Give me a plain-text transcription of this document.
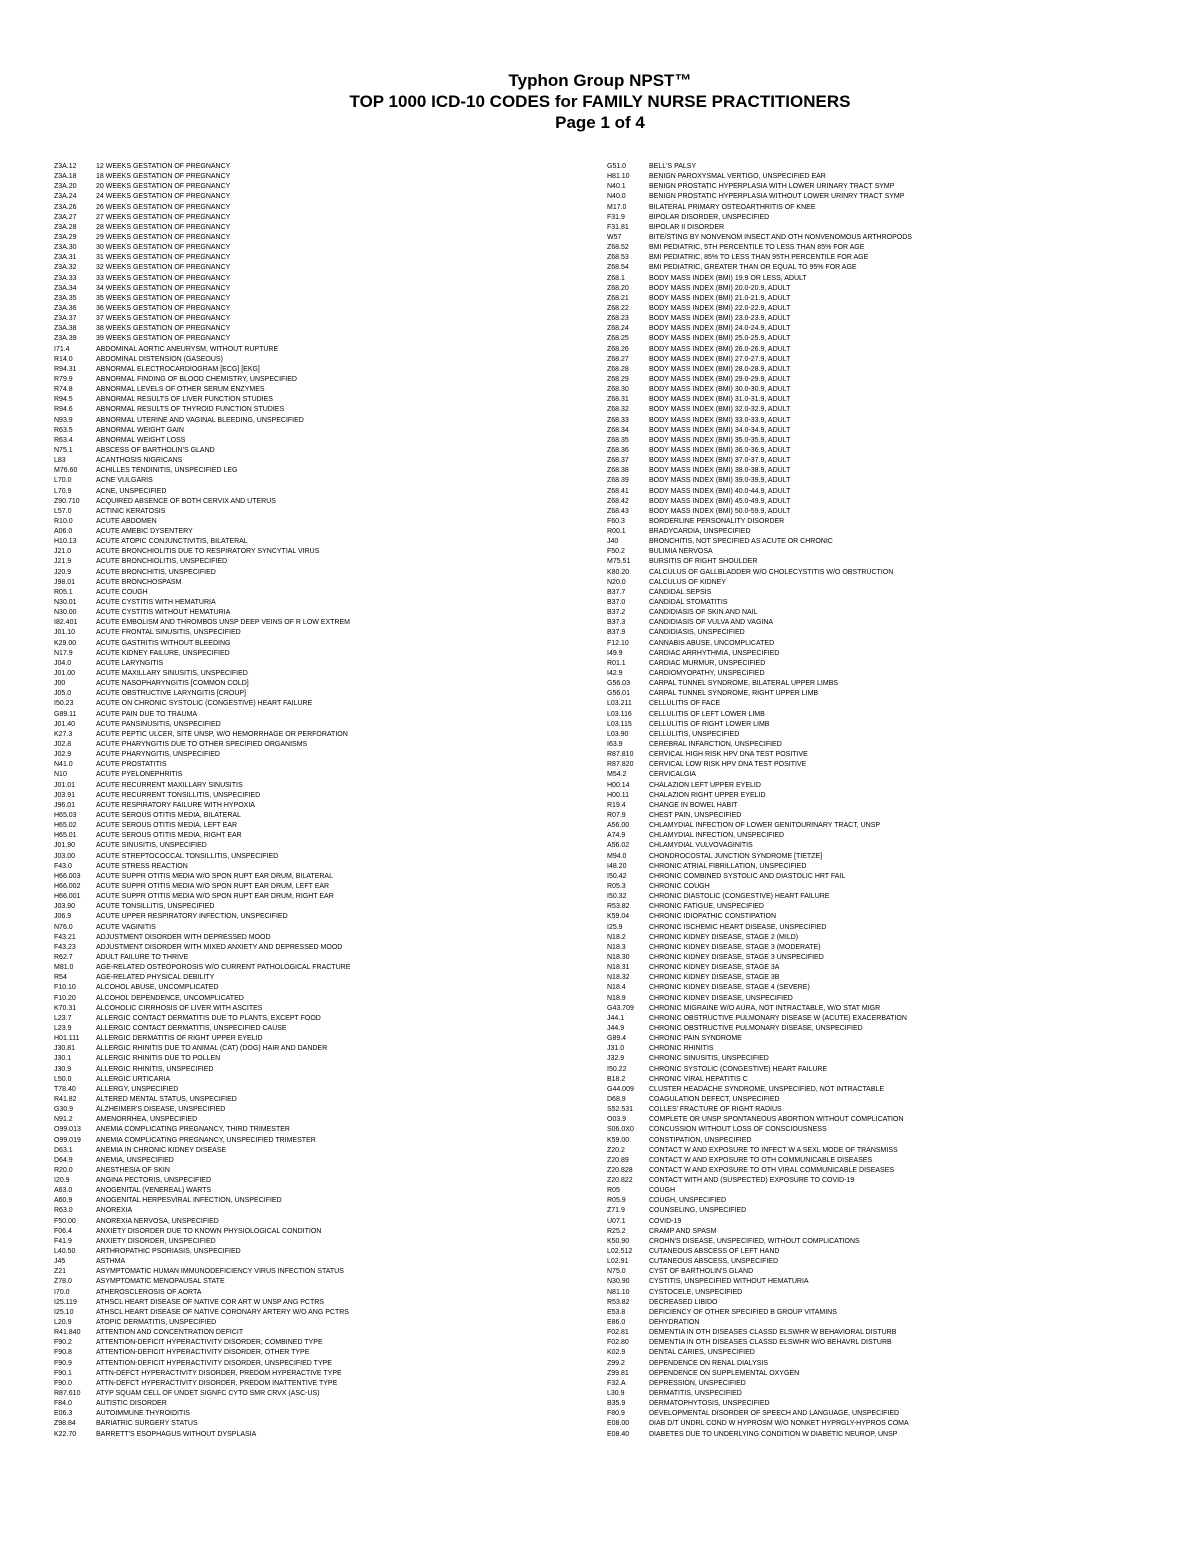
Typhon Group NPST™
TOP 1000 ICD-10 CODES for FAMILY NURSE PRACTITIONERS
Page 1 of 4
Z3A.12	12 WEEKS GESTATION OF PREGNANCY
Z3A.18	18 WEEKS GESTATION OF PREGNANCY
Z3A.20	20 WEEKS GESTATION OF PREGNANCY
Z3A.24	24 WEEKS GESTATION OF PREGNANCY
Z3A.26	26 WEEKS GESTATION OF PREGNANCY
Z3A.27	27 WEEKS GESTATION OF PREGNANCY
Z3A.28	28 WEEKS GESTATION OF PREGNANCY
Z3A.29	29 WEEKS GESTATION OF PREGNANCY
Z3A.30	30 WEEKS GESTATION OF PREGNANCY
Z3A.31	31 WEEKS GESTATION OF PREGNANCY
Z3A.32	32 WEEKS GESTATION OF PREGNANCY
Z3A.33	33 WEEKS GESTATION OF PREGNANCY
Z3A.34	34 WEEKS GESTATION OF PREGNANCY
Z3A.35	35 WEEKS GESTATION OF PREGNANCY
Z3A.36	36 WEEKS GESTATION OF PREGNANCY
Z3A.37	37 WEEKS GESTATION OF PREGNANCY
Z3A.38	38 WEEKS GESTATION OF PREGNANCY
Z3A.39	39 WEEKS GESTATION OF PREGNANCY
I71.4	ABDOMINAL AORTIC ANEURYSM, WITHOUT RUPTURE
R14.0	ABDOMINAL DISTENSION (GASEOUS)
R94.31	ABNORMAL ELECTROCARDIOGRAM [ECG] [EKG]
R79.9	ABNORMAL FINDING OF BLOOD CHEMISTRY, UNSPECIFIED
R74.8	ABNORMAL LEVELS OF OTHER SERUM ENZYMES
R94.5	ABNORMAL RESULTS OF LIVER FUNCTION STUDIES
R94.6	ABNORMAL RESULTS OF THYROID FUNCTION STUDIES
N93.9	ABNORMAL UTERINE AND VAGINAL BLEEDING, UNSPECIFIED
R63.5	ABNORMAL WEIGHT GAIN
R63.4	ABNORMAL WEIGHT LOSS
N75.1	ABSCESS OF BARTHOLIN'S GLAND
L83	ACANTHOSIS NIGRICANS
M76.60	ACHILLES TENDINITIS, UNSPECIFIED LEG
L70.0	ACNE VULGARIS
L70.9	ACNE, UNSPECIFIED
Z90.710	ACQUIRED ABSENCE OF BOTH CERVIX AND UTERUS
L57.0	ACTINIC KERATOSIS
R10.0	ACUTE ABDOMEN
A06.0	ACUTE AMEBIC DYSENTERY
H10.13	ACUTE ATOPIC CONJUNCTIVITIS, BILATERAL
J21.0	ACUTE BRONCHIOLITIS DUE TO RESPIRATORY SYNCYTIAL VIRUS
J21.9	ACUTE BRONCHIOLITIS, UNSPECIFIED
J20.9	ACUTE BRONCHITIS, UNSPECIFIED
J98.01	ACUTE BRONCHOSPASM
R05.1	ACUTE COUGH
N30.01	ACUTE CYSTITIS WITH HEMATURIA
N30.00	ACUTE CYSTITIS WITHOUT HEMATURIA
I82.401	ACUTE EMBOLISM AND THROMBOS UNSP DEEP VEINS OF R LOW EXTREM
J01.10	ACUTE FRONTAL SINUSITIS, UNSPECIFIED
K29.00	ACUTE GASTRITIS WITHOUT BLEEDING
N17.9	ACUTE KIDNEY FAILURE, UNSPECIFIED
J04.0	ACUTE LARYNGITIS
J01.00	ACUTE MAXILLARY SINUSITIS, UNSPECIFIED
J00	ACUTE NASOPHARYNGITIS [COMMON COLD]
J05.0	ACUTE OBSTRUCTIVE LARYNGITIS [CROUP]
I50.23	ACUTE ON CHRONIC SYSTOLIC (CONGESTIVE) HEART FAILURE
G89.11	ACUTE PAIN DUE TO TRAUMA
J01.40	ACUTE PANSINUSITIS, UNSPECIFIED
K27.3	ACUTE PEPTIC ULCER, SITE UNSP, W/O HEMORRHAGE OR PERFORATION
J02.8	ACUTE PHARYNGITIS DUE TO OTHER SPECIFIED ORGANISMS
J02.9	ACUTE PHARYNGITIS, UNSPECIFIED
N41.0	ACUTE PROSTATITIS
N10	ACUTE PYELONEPHRITIS
J01.01	ACUTE RECURRENT MAXILLARY SINUSITIS
J03.91	ACUTE RECURRENT TONSILLITIS, UNSPECIFIED
J96.01	ACUTE RESPIRATORY FAILURE WITH HYPOXIA
H65.03	ACUTE SEROUS OTITIS MEDIA, BILATERAL
H65.02	ACUTE SEROUS OTITIS MEDIA, LEFT EAR
H65.01	ACUTE SEROUS OTITIS MEDIA, RIGHT EAR
J01.90	ACUTE SINUSITIS, UNSPECIFIED
J03.00	ACUTE STREPTOCOCCAL TONSILLITIS, UNSPECIFIED
F43.0	ACUTE STRESS REACTION
H66.003	ACUTE SUPPR OTITIS MEDIA W/O SPON RUPT EAR DRUM, BILATERAL
H66.002	ACUTE SUPPR OTITIS MEDIA W/O SPON RUPT EAR DRUM, LEFT EAR
H66.001	ACUTE SUPPR OTITIS MEDIA W/O SPON RUPT EAR DRUM, RIGHT EAR
J03.90	ACUTE TONSILLITIS, UNSPECIFIED
J06.9	ACUTE UPPER RESPIRATORY INFECTION, UNSPECIFIED
N76.0	ACUTE VAGINITIS
F43.21	ADJUSTMENT DISORDER WITH DEPRESSED MOOD
F43.23	ADJUSTMENT DISORDER WITH MIXED ANXIETY AND DEPRESSED MOOD
R62.7	ADULT FAILURE TO THRIVE
M81.0	AGE-RELATED OSTEOPOROSIS W/O CURRENT PATHOLOGICAL FRACTURE
R54	AGE-RELATED PHYSICAL DEBILITY
F10.10	ALCOHOL ABUSE, UNCOMPLICATED
F10.20	ALCOHOL DEPENDENCE, UNCOMPLICATED
K70.31	ALCOHOLIC CIRRHOSIS OF LIVER WITH ASCITES
L23.7	ALLERGIC CONTACT DERMATITIS DUE TO PLANTS, EXCEPT FOOD
L23.9	ALLERGIC CONTACT DERMATITIS, UNSPECIFIED CAUSE
H01.111	ALLERGIC DERMATITIS OF RIGHT UPPER EYELID
J30.81	ALLERGIC RHINITIS DUE TO ANIMAL (CAT) (DOG) HAIR AND DANDER
J30.1	ALLERGIC RHINITIS DUE TO POLLEN
J30.9	ALLERGIC RHINITIS, UNSPECIFIED
L50.0	ALLERGIC URTICARIA
T78.40	ALLERGY, UNSPECIFIED
R41.82	ALTERED MENTAL STATUS, UNSPECIFIED
G30.9	ALZHEIMER'S DISEASE, UNSPECIFIED
N91.2	AMENORRHEA, UNSPECIFIED
O99.013	ANEMIA COMPLICATING PREGNANCY, THIRD TRIMESTER
O99.019	ANEMIA COMPLICATING PREGNANCY, UNSPECIFIED TRIMESTER
D63.1	ANEMIA IN CHRONIC KIDNEY DISEASE
D64.9	ANEMIA, UNSPECIFIED
R20.0	ANESTHESIA OF SKIN
I20.9	ANGINA PECTORIS, UNSPECIFIED
A63.0	ANOGENITAL (VENEREAL) WARTS
A60.9	ANOGENITAL HERPESVIRAL INFECTION, UNSPECIFIED
R63.0	ANOREXIA
F50.00	ANOREXIA NERVOSA, UNSPECIFIED
F06.4	ANXIETY DISORDER DUE TO KNOWN PHYSIOLOGICAL CONDITION
F41.9	ANXIETY DISORDER, UNSPECIFIED
L40.50	ARTHROPATHIC PSORIASIS, UNSPECIFIED
J45	ASTHMA
Z21	ASYMPTOMATIC HUMAN IMMUNODEFICIENCY VIRUS INFECTION STATUS
Z78.0	ASYMPTOMATIC MENOPAUSAL STATE
I70.0	ATHEROSCLEROSIS OF AORTA
I25.119	ATHSCL HEART DISEASE OF NATIVE COR ART W UNSP ANG PCTRS
I25.10	ATHSCL HEART DISEASE OF NATIVE CORONARY ARTERY W/O ANG PCTRS
L20.9	ATOPIC DERMATITIS, UNSPECIFIED
R41.840	ATTENTION AND CONCENTRATION DEFICIT
F90.2	ATTENTION-DEFICIT HYPERACTIVITY DISORDER, COMBINED TYPE
F90.8	ATTENTION-DEFICIT HYPERACTIVITY DISORDER, OTHER TYPE
F90.9	ATTENTION-DEFICIT HYPERACTIVITY DISORDER, UNSPECIFIED TYPE
F90.1	ATTN-DEFCT HYPERACTIVITY DISORDER, PREDOM HYPERACTIVE TYPE
F90.0	ATTN-DEFCT HYPERACTIVITY DISORDER, PREDOM INATTENTIVE TYPE
R87.610	ATYP SQUAM CELL OF UNDET SIGNFC CYTO SMR CRVX (ASC-US)
F84.0	AUTISTIC DISORDER
E06.3	AUTOIMMUNE THYROIDITIS
Z98.84	BARIATRIC SURGERY STATUS
K22.70	BARRETT'S ESOPHAGUS WITHOUT DYSPLASIA
G51.0	BELL'S PALSY
H81.10	BENIGN PAROXYSMAL VERTIGO, UNSPECIFIED EAR
N40.1	BENIGN PROSTATIC HYPERPLASIA WITH LOWER URINARY TRACT SYMP
N40.0	BENIGN PROSTATIC HYPERPLASIA WITHOUT LOWER URINRY TRACT SYMP
M17.0	BILATERAL PRIMARY OSTEOARTHRITIS OF KNEE
F31.9	BIPOLAR DISORDER, UNSPECIFIED
F31.81	BIPOLAR II DISORDER
W57	BITE/STING BY NONVENOM INSECT AND OTH NONVENOMOUS ARTHROPODS
Z68.52	BMI PEDIATRIC, 5TH PERCENTILE TO LESS THAN 85% FOR AGE
Z68.53	BMI PEDIATRIC, 85% TO LESS THAN 95TH PERCENTILE FOR AGE
Z68.54	BMI PEDIATRIC, GREATER THAN OR EQUAL TO 95% FOR AGE
Z68.1	BODY MASS INDEX (BMI) 19.9 OR LESS, ADULT
Z68.20	BODY MASS INDEX (BMI) 20.0-20.9, ADULT
Z68.21	BODY MASS INDEX (BMI) 21.0-21.9, ADULT
Z68.22	BODY MASS INDEX (BMI) 22.0-22.9, ADULT
Z68.23	BODY MASS INDEX (BMI) 23.0-23.9, ADULT
Z68.24	BODY MASS INDEX (BMI) 24.0-24.9, ADULT
Z68.25	BODY MASS INDEX (BMI) 25.0-25.9, ADULT
Z68.26	BODY MASS INDEX (BMI) 26.0-26.9, ADULT
Z68.27	BODY MASS INDEX (BMI) 27.0-27.9, ADULT
Z68.28	BODY MASS INDEX (BMI) 28.0-28.9, ADULT
Z68.29	BODY MASS INDEX (BMI) 29.0-29.9, ADULT
Z68.30	BODY MASS INDEX (BMI) 30.0-30.9, ADULT
Z68.31	BODY MASS INDEX (BMI) 31.0-31.9, ADULT
Z68.32	BODY MASS INDEX (BMI) 32.0-32.9, ADULT
Z68.33	BODY MASS INDEX (BMI) 33.0-33.9, ADULT
Z68.34	BODY MASS INDEX (BMI) 34.0-34.9, ADULT
Z68.35	BODY MASS INDEX (BMI) 35.0-35.9, ADULT
Z68.36	BODY MASS INDEX (BMI) 36.0-36.9, ADULT
Z68.37	BODY MASS INDEX (BMI) 37.0-37.9, ADULT
Z68.38	BODY MASS INDEX (BMI) 38.0-38.9, ADULT
Z68.39	BODY MASS INDEX (BMI) 39.0-39.9, ADULT
Z68.41	BODY MASS INDEX (BMI) 40.0-44.9, ADULT
Z68.42	BODY MASS INDEX (BMI) 45.0-49.9, ADULT
Z68.43	BODY MASS INDEX (BMI) 50.0-59.9, ADULT
F60.3	BORDERLINE PERSONALITY DISORDER
R00.1	BRADYCARDIA, UNSPECIFIED
J40	BRONCHITIS, NOT SPECIFIED AS ACUTE OR CHRONIC
F50.2	BULIMIA NERVOSA
M75.51	BURSITIS OF RIGHT SHOULDER
K80.20	CALCULUS OF GALLBLADDER W/O CHOLECYSTITIS W/O OBSTRUCTION
N20.0	CALCULUS OF KIDNEY
B37.7	CANDIDAL SEPSIS
B37.0	CANDIDAL STOMATITIS
B37.2	CANDIDIASIS OF SKIN AND NAIL
B37.3	CANDIDIASIS OF VULVA AND VAGINA
B37.9	CANDIDIASIS, UNSPECIFIED
F12.10	CANNABIS ABUSE, UNCOMPLICATED
I49.9	CARDIAC ARRHYTHMIA, UNSPECIFIED
R01.1	CARDIAC MURMUR, UNSPECIFIED
I42.9	CARDIOMYOPATHY, UNSPECIFIED
G56.03	CARPAL TUNNEL SYNDROME, BILATERAL UPPER LIMBS
G56.01	CARPAL TUNNEL SYNDROME, RIGHT UPPER LIMB
L03.211	CELLULITIS OF FACE
L03.116	CELLULITIS OF LEFT LOWER LIMB
L03.115	CELLULITIS OF RIGHT LOWER LIMB
L03.90	CELLULITIS, UNSPECIFIED
I63.9	CEREBRAL INFARCTION, UNSPECIFIED
R87.810	CERVICAL HIGH RISK HPV DNA TEST POSITIVE
R87.820	CERVICAL LOW RISK HPV DNA TEST POSITIVE
M54.2	CERVICALGIA
H00.14	CHALAZION LEFT UPPER EYELID
H00.11	CHALAZION RIGHT UPPER EYELID
R19.4	CHANGE IN BOWEL HABIT
R07.9	CHEST PAIN, UNSPECIFIED
A56.00	CHLAMYDIAL INFECTION OF LOWER GENITOURINARY TRACT, UNSP
A74.9	CHLAMYDIAL INFECTION, UNSPECIFIED
A56.02	CHLAMYDIAL VULVOVAGINITIS
M94.0	CHONDROCOSTAL JUNCTION SYNDROME [TIETZE]
I48.20	CHRONIC ATRIAL FIBRILLATION, UNSPECIFIED
I50.42	CHRONIC COMBINED SYSTOLIC AND DIASTOLIC HRT FAIL
R05.3	CHRONIC COUGH
I50.32	CHRONIC DIASTOLIC (CONGESTIVE) HEART FAILURE
R53.82	CHRONIC FATIGUE, UNSPECIFIED
K59.04	CHRONIC IDIOPATHIC CONSTIPATION
I25.9	CHRONIC ISCHEMIC HEART DISEASE, UNSPECIFIED
N18.2	CHRONIC KIDNEY DISEASE, STAGE 2 (MILD)
N18.3	CHRONIC KIDNEY DISEASE, STAGE 3 (MODERATE)
N18.30	CHRONIC KIDNEY DISEASE, STAGE 3 UNSPECIFIED
N18.31	CHRONIC KIDNEY DISEASE, STAGE 3A
N18.32	CHRONIC KIDNEY DISEASE, STAGE 3B
N18.4	CHRONIC KIDNEY DISEASE, STAGE 4 (SEVERE)
N18.9	CHRONIC KIDNEY DISEASE, UNSPECIFIED
G43.709	CHRONIC MIGRAINE W/O AURA, NOT INTRACTABLE, W/O STAT MIGR
J44.1	CHRONIC OBSTRUCTIVE PULMONARY DISEASE W (ACUTE) EXACERBATION
J44.9	CHRONIC OBSTRUCTIVE PULMONARY DISEASE, UNSPECIFIED
G89.4	CHRONIC PAIN SYNDROME
J31.0	CHRONIC RHINITIS
J32.9	CHRONIC SINUSITIS, UNSPECIFIED
I50.22	CHRONIC SYSTOLIC (CONGESTIVE) HEART FAILURE
B18.2	CHRONIC VIRAL HEPATITIS C
G44.009	CLUSTER HEADACHE SYNDROME, UNSPECIFIED, NOT INTRACTABLE
D68.9	COAGULATION DEFECT, UNSPECIFIED
S52.531	COLLES' FRACTURE OF RIGHT RADIUS
O03.9	COMPLETE OR UNSP SPONTANEOUS ABORTION WITHOUT COMPLICATION
S06.0X0	CONCUSSION WITHOUT LOSS OF CONSCIOUSNESS
K59.00	CONSTIPATION, UNSPECIFIED
Z20.2	CONTACT W AND EXPOSURE TO INFECT W A SEXL MODE OF TRANSMISS
Z20.89	CONTACT W AND EXPOSURE TO OTH COMMUNICABLE DISEASES
Z20.828	CONTACT W AND EXPOSURE TO OTH VIRAL COMMUNICABLE DISEASES
Z20.822	CONTACT WITH AND (SUSPECTED) EXPOSURE TO COVID-19
R05	COUGH
R05.9	COUGH, UNSPECIFIED
Z71.9	COUNSELING, UNSPECIFIED
U07.1	COVID-19
R25.2	CRAMP AND SPASM
K50.90	CROHN'S DISEASE, UNSPECIFIED, WITHOUT COMPLICATIONS
L02.512	CUTANEOUS ABSCESS OF LEFT HAND
L02.91	CUTANEOUS ABSCESS, UNSPECIFIED
N75.0	CYST OF BARTHOLIN'S GLAND
N30.90	CYSTITIS, UNSPECIFIED WITHOUT HEMATURIA
N81.10	CYSTOCELE, UNSPECIFIED
R53.82	DECREASED LIBIDO
E53.8	DEFICIENCY OF OTHER SPECIFIED B GROUP VITAMINS
E86.0	DEHYDRATION
F02.81	DEMENTIA IN OTH DISEASES CLASSD ELSWHR W BEHAVIORAL DISTURB
F02.80	DEMENTIA IN OTH DISEASES CLASSD ELSWHR W/O BEHAVRL DISTURB
K02.9	DENTAL CARIES, UNSPECIFIED
Z99.2	DEPENDENCE ON RENAL DIALYSIS
Z99.81	DEPENDENCE ON SUPPLEMENTAL OXYGEN
F32.A	DEPRESSION, UNSPECIFIED
L30.9	DERMATITIS, UNSPECIFIED
B35.9	DERMATOPHYTOSIS, UNSPECIFIED
F80.9	DEVELOPMENTAL DISORDER OF SPEECH AND LANGUAGE, UNSPECIFIED
E08.00	DIAB D/T UNDRL COND W HYPROSM W/O NONKET HYPRGLY-HYPROS COMA
E08.40	DIABETES DUE TO UNDERLYING CONDITION W DIABETIC NEUROP, UNSP
